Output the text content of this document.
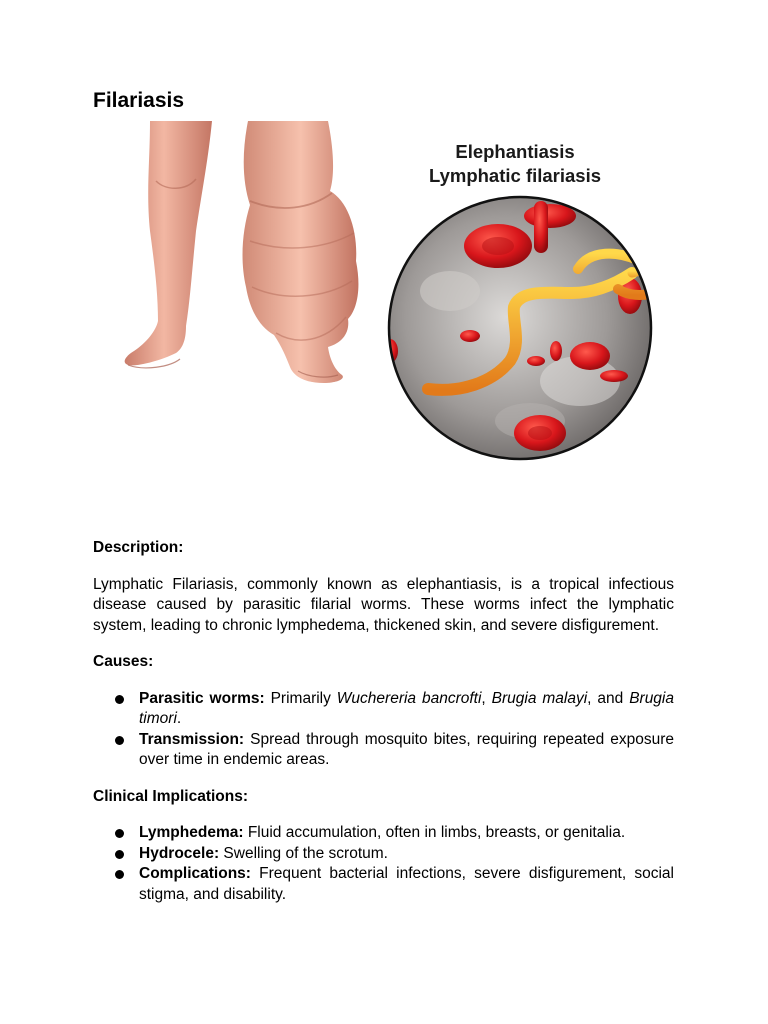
Filariasis
Elephantiasis
Lymphatic filariasis
Description:

Lymphatic Filariasis, commonly known as elephantiasis, is a tropical infectious disease caused by parasitic filarial worms. These worms infect the lymphatic system, leading to chronic lymphedema, thickened skin, and severe disfigurement.

Causes:
Parasitic worms: Primarily Wuchereria bancrofti, Brugia malayi, and Brugia timori.
Transmission: Spread through mosquito bites, requiring repeated exposure over time in endemic areas.
Clinical Implications:
Lymphedema: Fluid accumulation, often in limbs, breasts, or genitalia.
Hydrocele: Swelling of the scrotum.
Complications: Frequent bacterial infections, severe disfigurement, social stigma, and disability.
